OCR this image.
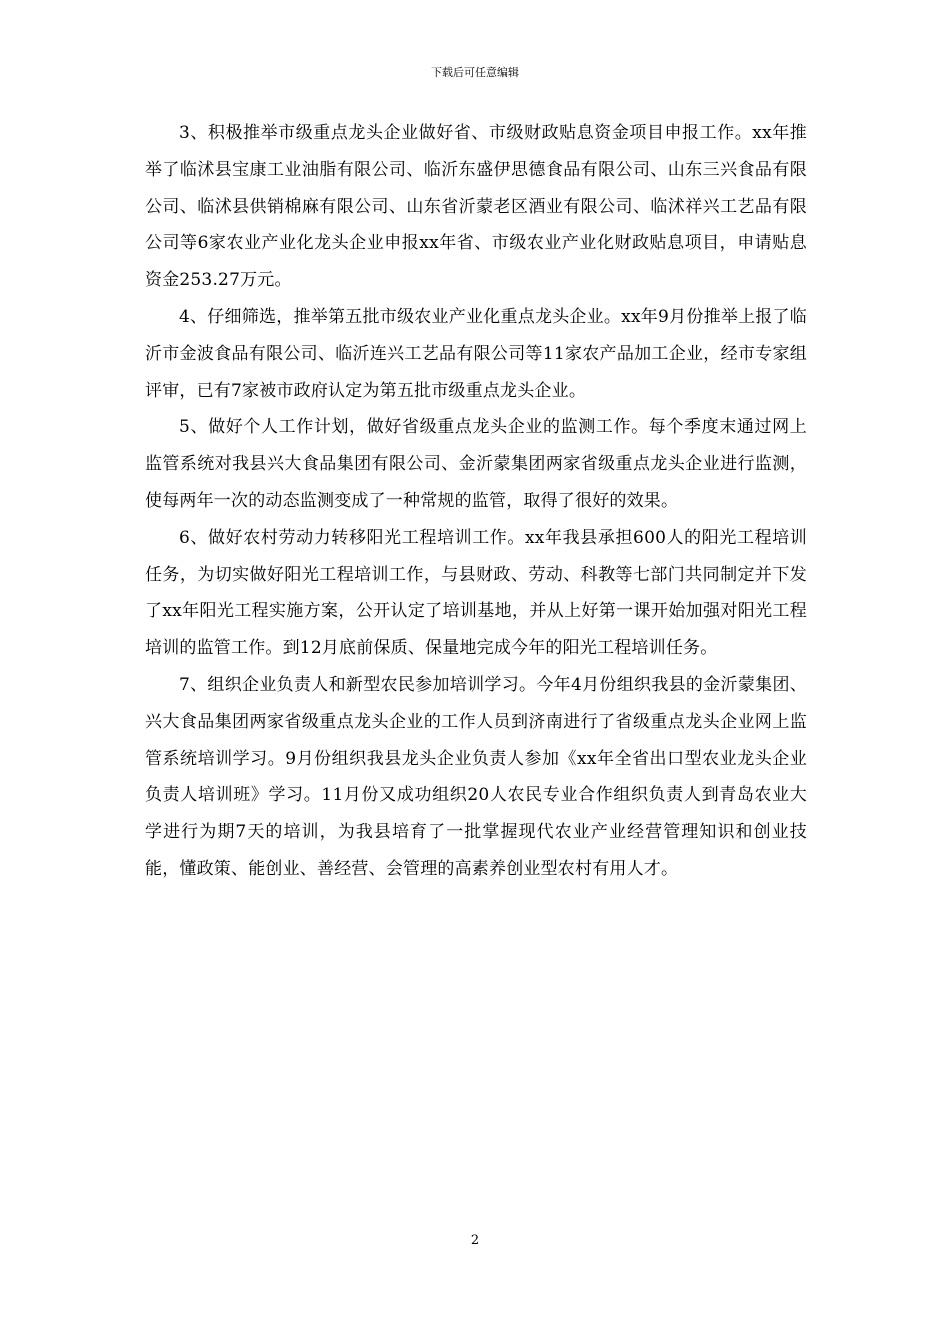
下载后可任意编辑

3、积极推举市级重点龙头企业做好省、市级财政贴息资金项目申报工作。xx年推举了临沭县宝康工业油脂有限公司、临沂东盛伊思德食品有限公司、山东三兴食品有限公司、临沭县供销棉麻有限公司、山东省沂蒙老区酒业有限公司、临沭祥兴工艺品有限公司等6家农业产业化龙头企业申报xx年省、市级农业产业化财政贴息项目，申请贴息资金253.27万元。

4、仔细筛选，推举第五批市级农业产业化重点龙头企业。xx年9月份推举上报了临沂市金波食品有限公司、临沂连兴工艺品有限公司等11家农产品加工企业，经市专家组评审，已有7家被市政府认定为第五批市级重点龙头企业。

5、做好个人工作计划，做好省级重点龙头企业的监测工作。每个季度末通过网上监管系统对我县兴大食品集团有限公司、金沂蒙集团两家省级重点龙头企业进行监测，使每两年一次的动态监测变成了一种常规的监管，取得了很好的效果。

6、做好农村劳动力转移阳光工程培训工作。xx年我县承担600人的阳光工程培训任务，为切实做好阳光工程培训工作，与县财政、劳动、科教等七部门共同制定并下发了xx年阳光工程实施方案，公开认定了培训基地，并从上好第一课开始加强对阳光工程培训的监管工作。到12月底前保质、保量地完成今年的阳光工程培训任务。

7、组织企业负责人和新型农民参加培训学习。今年4月份组织我县的金沂蒙集团、兴大食品集团两家省级重点龙头企业的工作人员到济南进行了省级重点龙头企业网上监管系统培训学习。9月份组织我县龙头企业负责人参加《xx年全省出口型农业龙头企业负责人培训班》学习。11月份又成功组织20人农民专业合作组织负责人到青岛农业大学进行为期7天的培训，为我县培育了一批掌握现代农业产业经营管理知识和创业技能，懂政策、能创业、善经营、会管理的高素养创业型农村有用人才。

2
